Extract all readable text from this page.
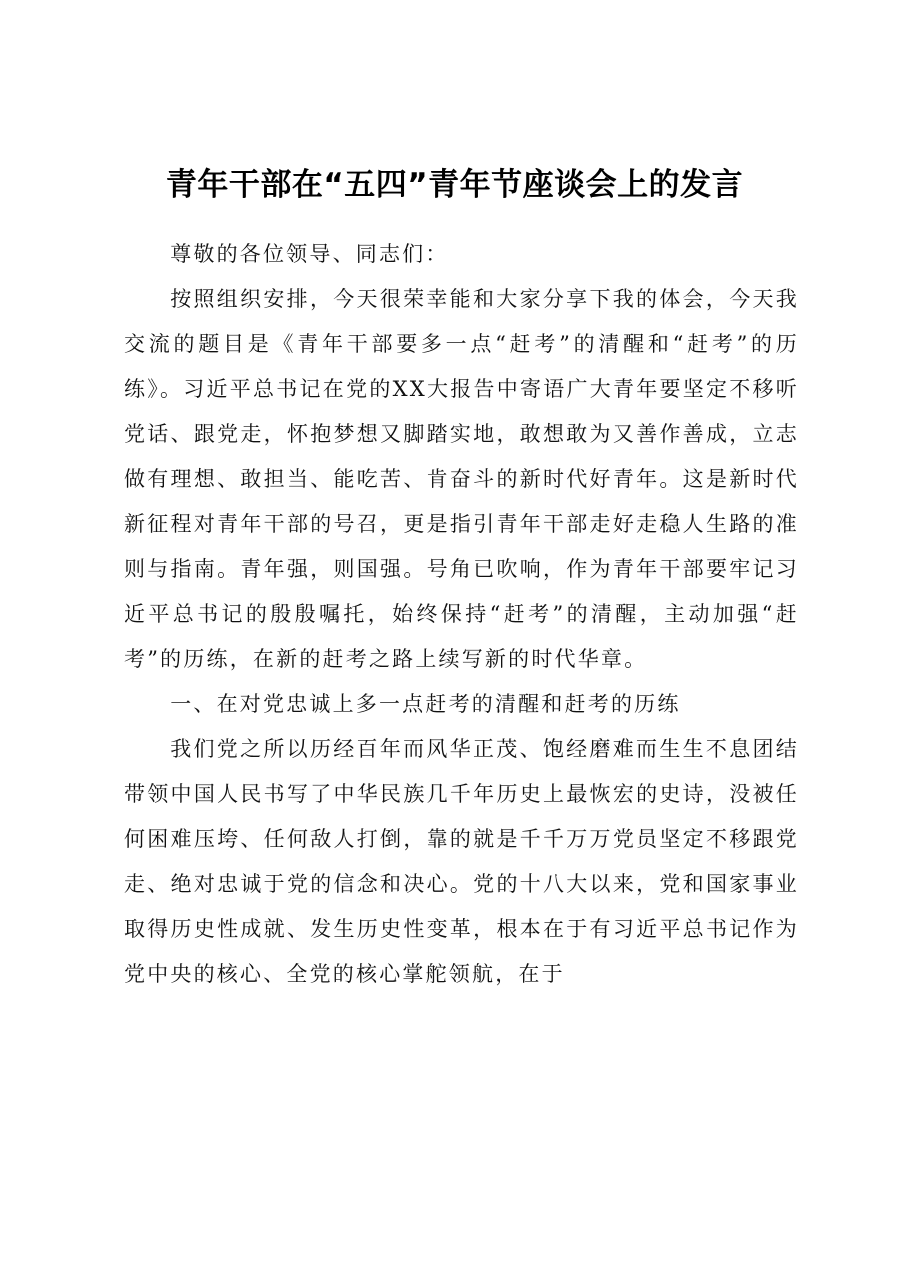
青年干部在“五四”青年节座谈会上的发言

尊敬的各位领导、同志们：

按照组织安排，今天很荣幸能和大家分享下我的体会，今天我交流的题目是《青年干部要多一点“赶考”的清醒和“赶考”的历练》。习近平总书记在党的XX大报告中寄语广大青年要坚定不移听党话、跟党走，怀抱梦想又脚踏实地，敢想敢为又善作善成，立志做有理想、敢担当、能吃苦、肯奋斗的新时代好青年。这是新时代新征程对青年干部的号召，更是指引青年干部走好走稳人生路的准则与指南。青年强，则国强。号角已吹响，作为青年干部要牢记习近平总书记的殷殷嘱托，始终保持“赶考”的清醒，主动加强“赶考”的历练，在新的赶考之路上续写新的时代华章。

一、在对党忠诚上多一点赶考的清醒和赶考的历练

我们党之所以历经百年而风华正茂、饱经磨难而生生不息团结带领中国人民书写了中华民族几千年历史上最恢宏的史诗，没被任何困难压垮、任何敌人打倒，靠的就是千千万万党员坚定不移跟党走、绝对忠诚于党的信念和决心。党的十八大以来，党和国家事业取得历史性成就、发生历史性变革，根本在于有习近平总书记作为党中央的核心、全党的核心掌舵领航，在于
